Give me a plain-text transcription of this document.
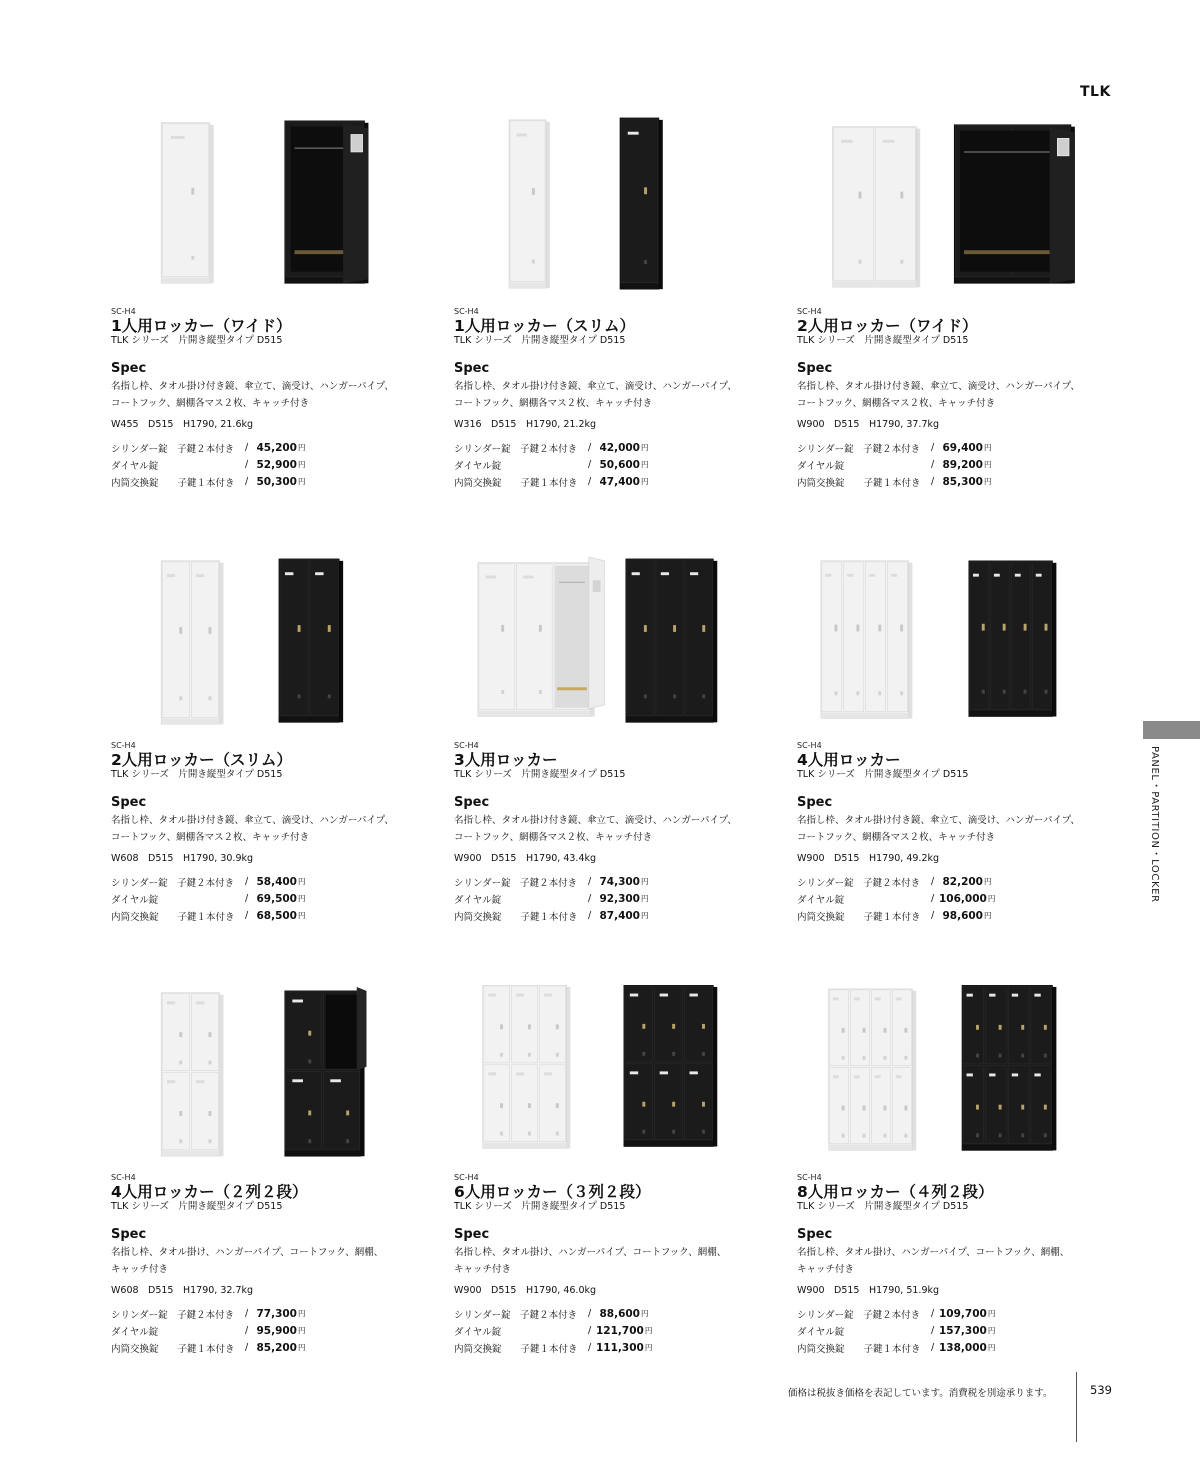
TLK
PANEL・PARTITION・LOCKER
SC-H4
1人用ロッカー（ワイド）
TLK シリーズ　片開き縦型タイプ D515
Spec
名指し枠、タオル掛け付き鏡、傘立て、滴受け、ハンガーパイプ、
コートフック、網棚各マス２枚、キャッチ付き
W455　D515　H1790, 21.6kg
シリンダー錠　子鍵２本付き	/ 45,200 円
ダイヤル錠	/ 52,900 円
内筒交換錠　　子鍵１本付き	/ 50,300 円
SC-H4
1人用ロッカー（スリム）
TLK シリーズ　片開き縦型タイプ D515
Spec
名指し枠、タオル掛け付き鏡、傘立て、滴受け、ハンガーパイプ、
コートフック、網棚各マス２枚、キャッチ付き
W316　D515　H1790, 21.2kg
シリンダー錠　子鍵２本付き	/ 42,000 円
ダイヤル錠	/ 50,600 円
内筒交換錠　　子鍵１本付き	/ 47,400 円
SC-H4
2人用ロッカー（ワイド）
TLK シリーズ　片開き縦型タイプ D515
Spec
名指し枠、タオル掛け付き鏡、傘立て、滴受け、ハンガーパイプ、
コートフック、網棚各マス２枚、キャッチ付き
W900　D515　H1790, 37.7kg
シリンダー錠　子鍵２本付き	/ 69,400 円
ダイヤル錠	/ 89,200 円
内筒交換錠　　子鍵１本付き	/ 85,300 円
SC-H4
2人用ロッカー（スリム）
TLK シリーズ　片開き縦型タイプ D515
Spec
名指し枠、タオル掛け付き鏡、傘立て、滴受け、ハンガーパイプ、
コートフック、網棚各マス２枚、キャッチ付き
W608　D515　H1790, 30.9kg
シリンダー錠　子鍵２本付き	/ 58,400 円
ダイヤル錠	/ 69,500 円
内筒交換錠　　子鍵１本付き	/ 68,500 円
SC-H4
3人用ロッカー
TLK シリーズ　片開き縦型タイプ D515
Spec
名指し枠、タオル掛け付き鏡、傘立て、滴受け、ハンガーパイプ、
コートフック、網棚各マス２枚、キャッチ付き
W900　D515　H1790, 43.4kg
シリンダー錠　子鍵２本付き	/ 74,300 円
ダイヤル錠	/ 92,300 円
内筒交換錠　　子鍵１本付き	/ 87,400 円
SC-H4
4人用ロッカー
TLK シリーズ　片開き縦型タイプ D515
Spec
名指し枠、タオル掛け付き鏡、傘立て、滴受け、ハンガーパイプ、
コートフック、網棚各マス２枚、キャッチ付き
W900　D515　H1790, 49.2kg
シリンダー錠　子鍵２本付き	/ 82,200 円
ダイヤル錠	/ 106,000 円
内筒交換錠　　子鍵１本付き	/ 98,600 円
SC-H4
4人用ロッカー（２列２段）
TLK シリーズ　片開き縦型タイプ D515
Spec
名指し枠、タオル掛け、ハンガーパイプ、コートフック、網棚、
キャッチ付き
W608　D515　H1790, 32.7kg
シリンダー錠　子鍵２本付き	/ 77,300 円
ダイヤル錠	/ 95,900 円
内筒交換錠　　子鍵１本付き	/ 85,200 円
SC-H4
6人用ロッカー（３列２段）
TLK シリーズ　片開き縦型タイプ D515
Spec
名指し枠、タオル掛け、ハンガーパイプ、コートフック、網棚、
キャッチ付き
W900　D515　H1790, 46.0kg
シリンダー錠　子鍵２本付き	/ 88,600 円
ダイヤル錠	/ 121,700 円
内筒交換錠　　子鍵１本付き	/ 111,300 円
SC-H4
8人用ロッカー（４列２段）
TLK シリーズ　片開き縦型タイプ D515
Spec
名指し枠、タオル掛け、ハンガーパイプ、コートフック、網棚、
キャッチ付き
W900　D515　H1790, 51.9kg
シリンダー錠　子鍵２本付き	/ 109,700 円
ダイヤル錠	/ 157,300 円
内筒交換錠　　子鍵１本付き	/ 138,000 円
価格は税抜き価格を表記しています。消費税を別途承ります。	539
